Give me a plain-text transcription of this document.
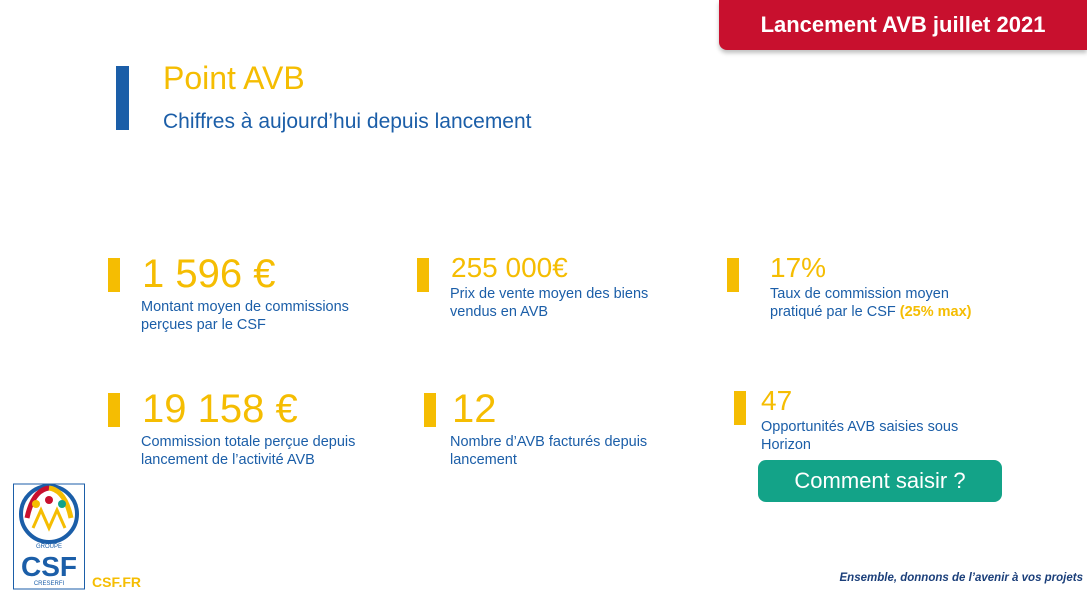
Lancement AVB juillet 2021
Point AVB
Chiffres à aujourd’hui depuis lancement
1 596 €
Montant moyen de commissions perçues par le CSF
255 000€
Prix de vente moyen des biens vendus en AVB
17%
Taux de commission moyen pratiqué par le CSF (25% max)
19 158 €
Commission totale perçue depuis lancement de l’activité AVB
12
Nombre d’AVB facturés depuis lancement
47
Opportunités AVB saisies sous Horizon
Comment saisir ?
GROUPE
CSF
CRESERFI CSF.FR	Ensemble, donnons de l’avenir à vos projets
